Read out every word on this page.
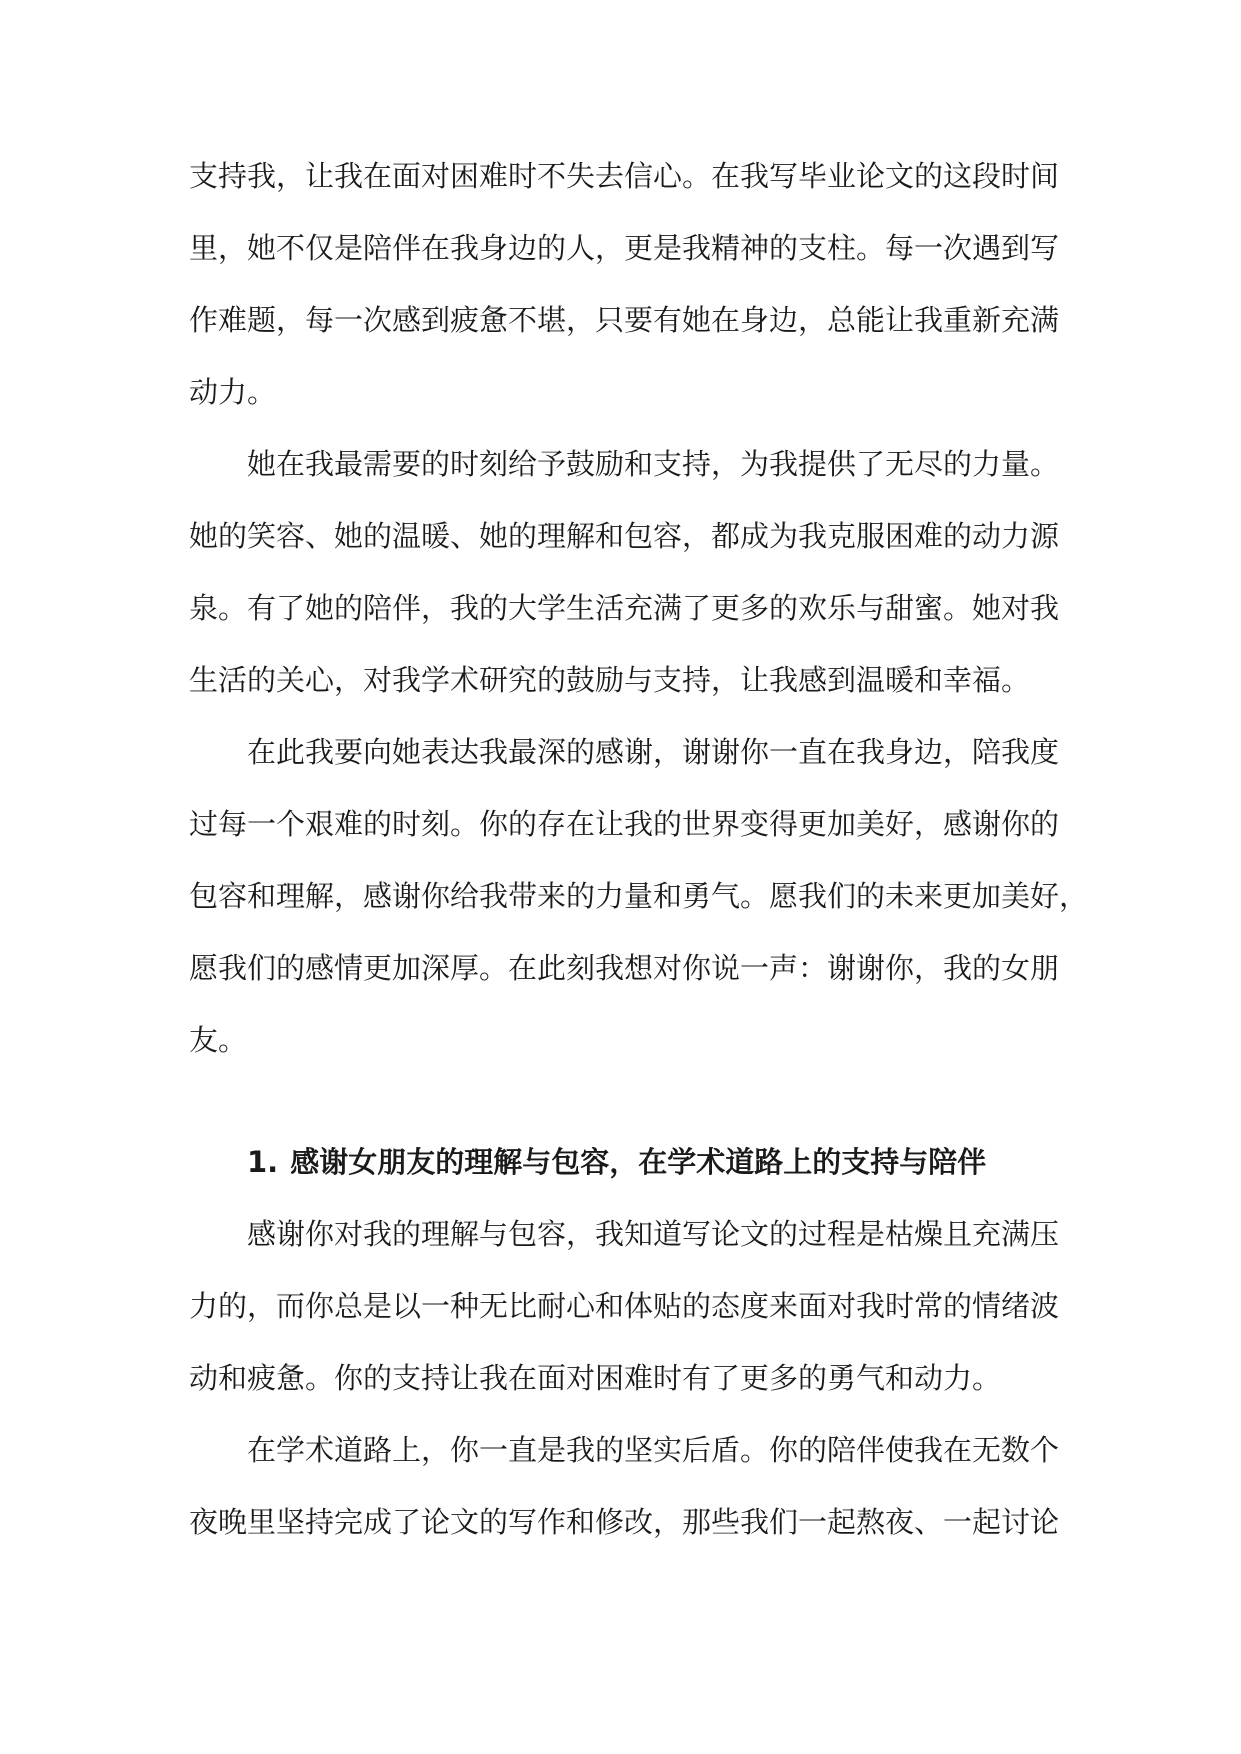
支持我，让我在面对困难时不失去信心。在我写毕业论文的这段时间
里，她不仅是陪伴在我身边的人，更是我精神的支柱。每一次遇到写
作难题，每一次感到疲惫不堪，只要有她在身边，总能让我重新充满
动力。

她在我最需要的时刻给予鼓励和支持，为我提供了无尽的力量。
她的笑容、她的温暖、她的理解和包容，都成为我克服困难的动力源
泉。有了她的陪伴，我的大学生活充满了更多的欢乐与甜蜜。她对我
生活的关心，对我学术研究的鼓励与支持，让我感到温暖和幸福。

在此我要向她表达我最深的感谢，谢谢你一直在我身边，陪我度
过每一个艰难的时刻。你的存在让我的世界变得更加美好，感谢你的
包容和理解，感谢你给我带来的力量和勇气。愿我们的未来更加美好，
愿我们的感情更加深厚。在此刻我想对你说一声：谢谢你，我的女朋
友。

1. 感谢女朋友的理解与包容，在学术道路上的支持与陪伴

感谢你对我的理解与包容，我知道写论文的过程是枯燥且充满压
力的，而你总是以一种无比耐心和体贴的态度来面对我时常的情绪波
动和疲惫。你的支持让我在面对困难时有了更多的勇气和动力。

在学术道路上，你一直是我的坚实后盾。你的陪伴使我在无数个
夜晚里坚持完成了论文的写作和修改，那些我们一起熬夜、一起讨论
